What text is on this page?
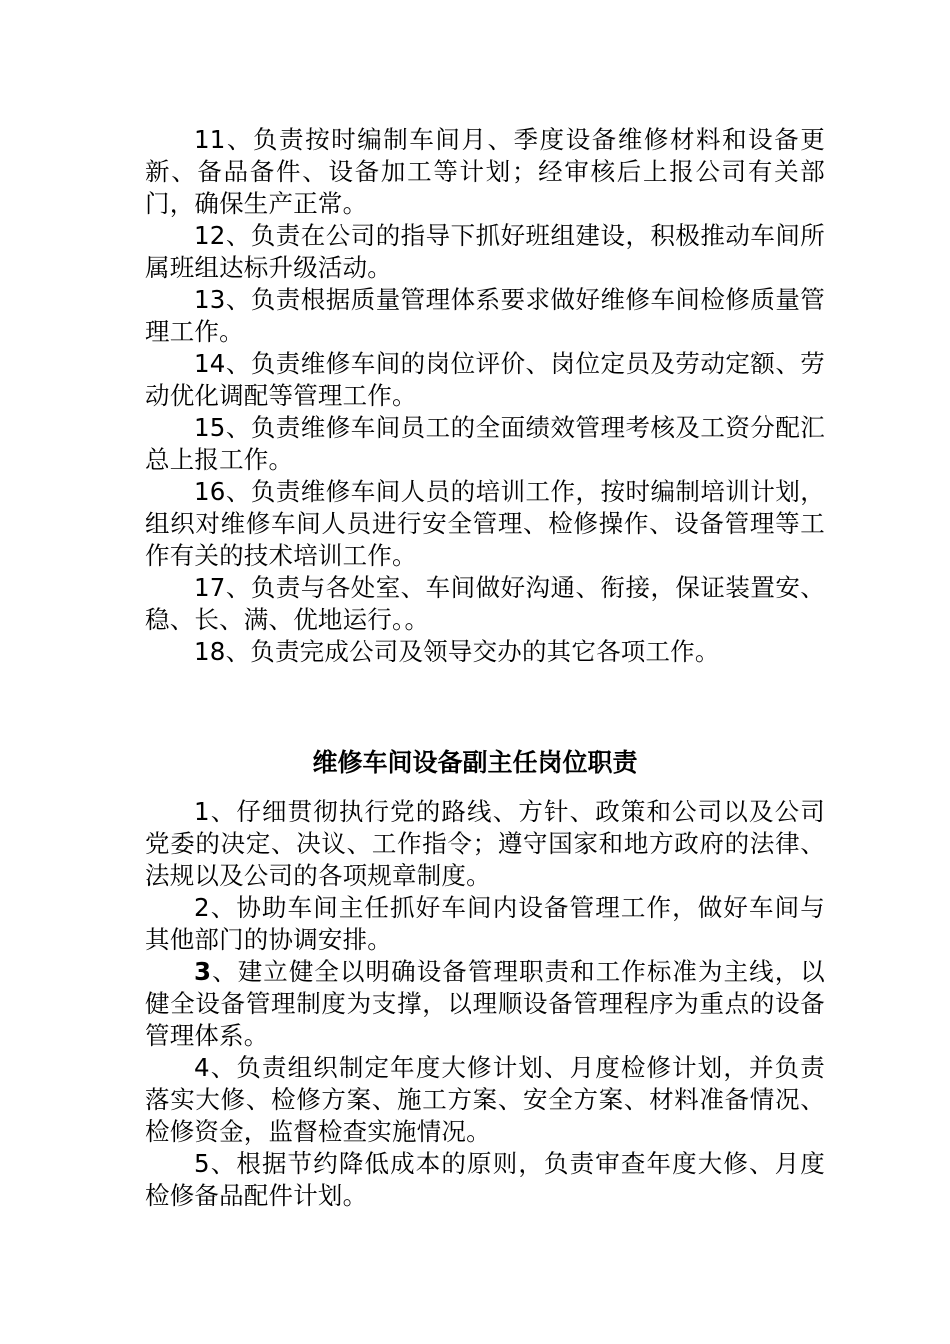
11、负责按时编制车间月、季度设备维修材料和设备更新、备品备件、设备加工等计划；经审核后上报公司有关部门，确保生产正常。

12、负责在公司的指导下抓好班组建设，积极推动车间所属班组达标升级活动。

13、负责根据质量管理体系要求做好维修车间检修质量管理工作。

14、负责维修车间的岗位评价、岗位定员及劳动定额、劳动优化调配等管理工作。

15、负责维修车间员工的全面绩效管理考核及工资分配汇总上报工作。

16、负责维修车间人员的培训工作，按时编制培训计划，组织对维修车间人员进行安全管理、检修操作、设备管理等工作有关的技术培训工作。

17、负责与各处室、车间做好沟通、衔接，保证装置安、稳、长、满、优地运行。。

18、负责完成公司及领导交办的其它各项工作。

维修车间设备副主任岗位职责

1、仔细贯彻执行党的路线、方针、政策和公司以及公司党委的决定、决议、工作指令；遵守国家和地方政府的法律、法规以及公司的各项规章制度。

2、协助车间主任抓好车间内设备管理工作，做好车间与其他部门的协调安排。

3、建立健全以明确设备管理职责和工作标准为主线，以健全设备管理制度为支撑，以理顺设备管理程序为重点的设备管理体系。

4、负责组织制定年度大修计划、月度检修计划，并负责落实大修、检修方案、施工方案、安全方案、材料准备情况、检修资金，监督检查实施情况。

5、根据节约降低成本的原则，负责审查年度大修、月度检修备品配件计划。
